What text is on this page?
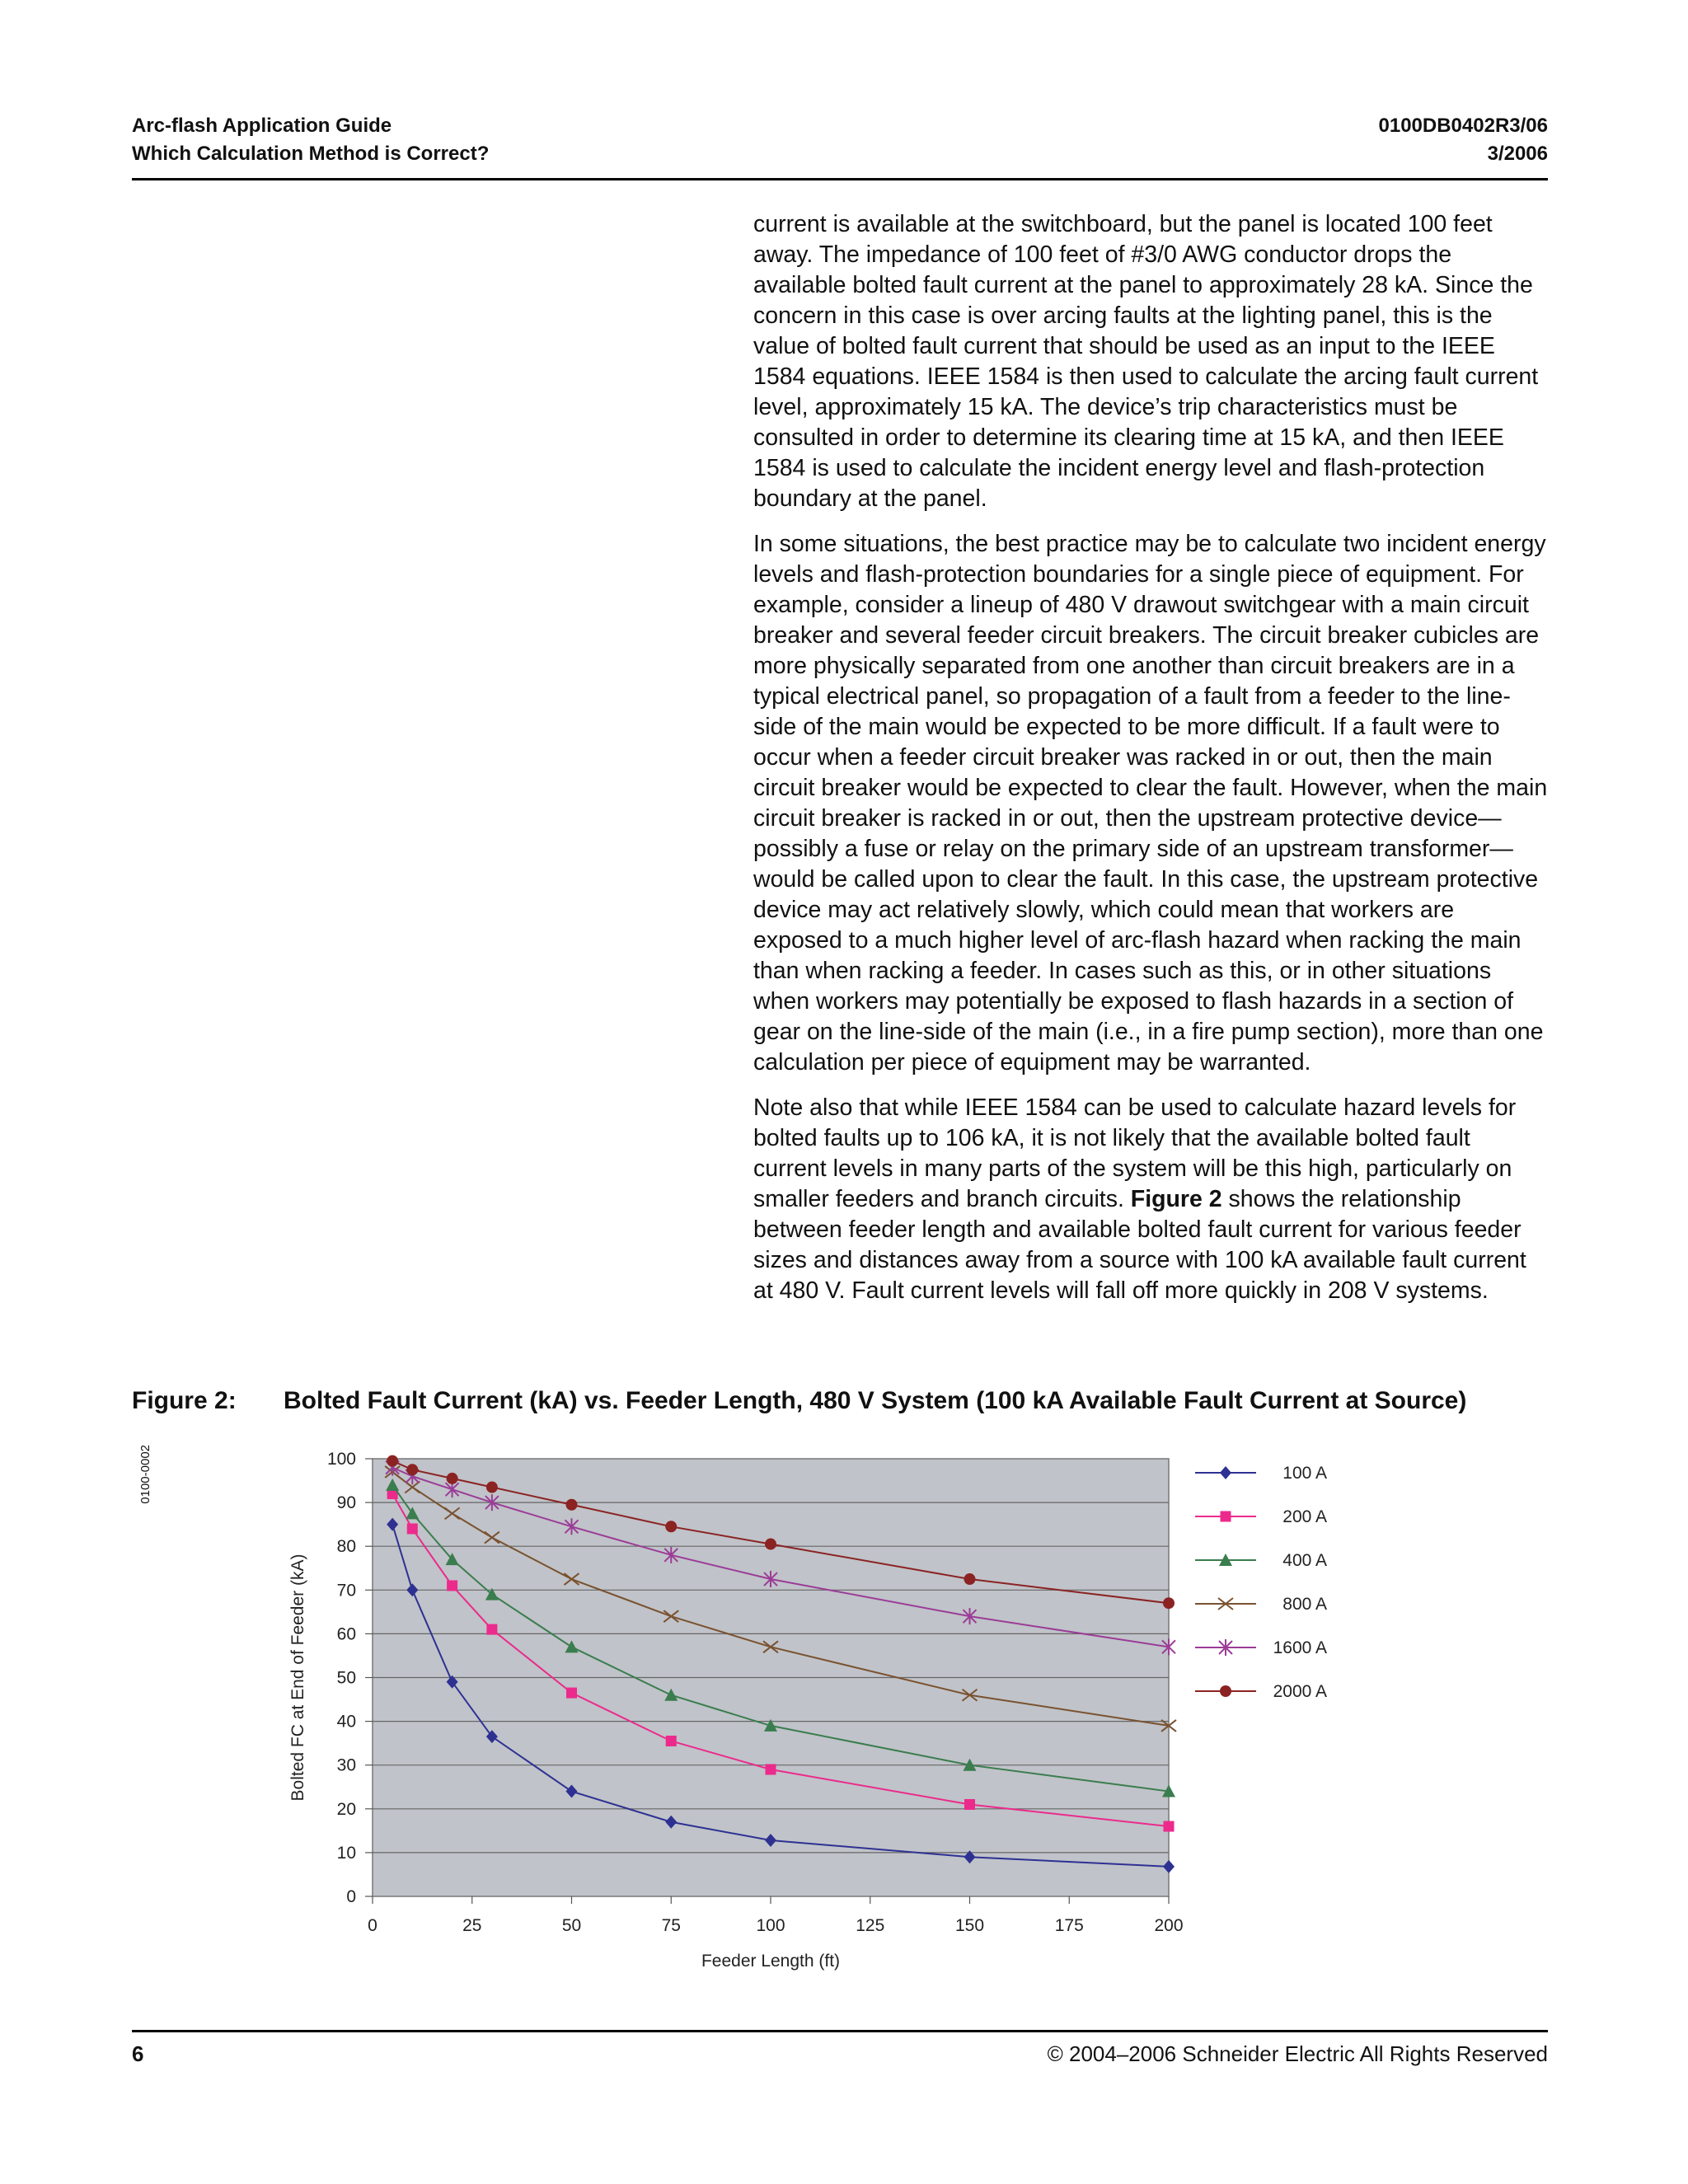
Arc-flash Application Guide
Which Calculation Method is Correct?
0100DB0402R3/06
3/2006

current is available at the switchboard, but the panel is located 100 feet away. The impedance of 100 feet of #3/0 AWG conductor drops the available bolted fault current at the panel to approximately 28 kA. Since the concern in this case is over arcing faults at the lighting panel, this is the value of bolted fault current that should be used as an input to the IEEE 1584 equations. IEEE 1584 is then used to calculate the arcing fault current level, approximately 15 kA. The device’s trip characteristics must be consulted in order to determine its clearing time at 15 kA, and then IEEE 1584 is used to calculate the incident energy level and flash-protection boundary at the panel.

In some situations, the best practice may be to calculate two incident energy levels and flash-protection boundaries for a single piece of equipment. For example, consider a lineup of 480 V drawout switchgear with a main circuit breaker and several feeder circuit breakers. The circuit breaker cubicles are more physically separated from one another than circuit breakers are in a typical electrical panel, so propagation of a fault from a feeder to the line-side of the main would be expected to be more difficult. If a fault were to occur when a feeder circuit breaker was racked in or out, then the main circuit breaker would be expected to clear the fault. However, when the main circuit breaker is racked in or out, then the upstream protective device—possibly a fuse or relay on the primary side of an upstream transformer—would be called upon to clear the fault. In this case, the upstream protective device may act relatively slowly, which could mean that workers are exposed to a much higher level of arc-flash hazard when racking the main than when racking a feeder. In cases such as this, or in other situations when workers may potentially be exposed to flash hazards in a section of gear on the line-side of the main (i.e., in a fire pump section), more than one calculation per piece of equipment may be warranted.

Note also that while IEEE 1584 can be used to calculate hazard levels for bolted faults up to 106 kA, it is not likely that the available bolted fault current levels in many parts of the system will be this high, particularly on smaller feeders and branch circuits. Figure 2 shows the relationship between feeder length and available bolted fault current for various feeder sizes and distances away from a source with 100 kA available fault current at 480 V. Fault current levels will fall off more quickly in 208 V systems.

Figure 2: Bolted Fault Current (kA) vs. Feeder Length, 480 V System (100 kA Available Fault Current at Source)
0100-0002
0
10
20
30
40
50
60
70
80
90
100
0	25	50	75	100	125	150	175	200
Feeder Length (ft)
Bolted FC at End of Feeder (kA)
100 A
200 A
400 A
800 A
1600 A
2000 A
6	© 2004–2006 Schneider Electric All Rights Reserved
